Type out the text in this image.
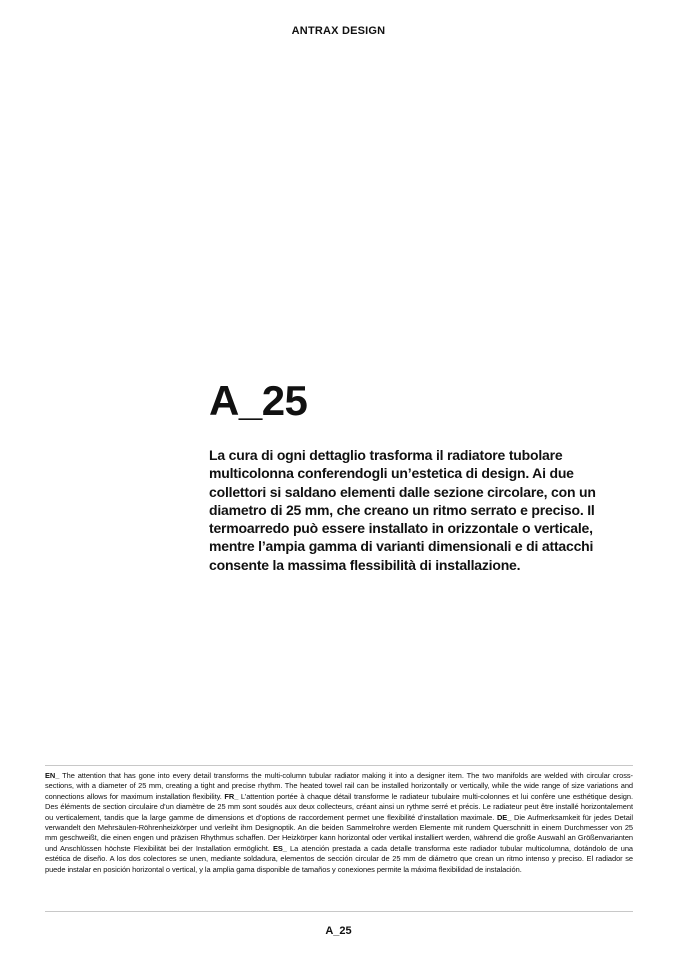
ANTRAX DESIGN
A_25

La cura di ogni dettaglio trasforma il radiatore tubolare multicolonna conferendogli un’estetica di design. Ai due collettori si saldano elementi dalle sezione circolare, con un diametro di 25 mm, che creano un ritmo serrato e preciso. Il termoarredo può essere installato in orizzontale o verticale, mentre l’ampia gamma di varianti dimensionali e di attacchi consente la massima flessibilità di installazione.

EN_ The attention that has gone into every detail transforms the multi-column tubular radiator making it into a designer item. The two manifolds are welded with circular cross-sections, with a diameter of 25 mm, creating a tight and precise rhythm. The heated towel rail can be installed horizontally or vertically, while the wide range of size variations and connections allows for maximum installation flexibility. FR_ L’attention portée à chaque détail transforme le radiateur tubulaire multi-colonnes et lui confère une esthétique design. Des éléments de section circulaire d’un diamètre de 25 mm sont soudés aux deux collecteurs, créant ainsi un rythme serré et précis. Le radiateur peut être installé horizontalement ou verticalement, tandis que la large gamme de dimensions et d’options de raccordement permet une flexibilité d’installation maximale. DE_ Die Aufmerksamkeit für jedes Detail verwandelt den Mehrsäulen-Röhrenheizkörper und verleiht ihm Designoptik. An die beiden Sammelrohre werden Elemente mit rundem Querschnitt in einem Durchmesser von 25 mm geschweißt, die einen engen und präzisen Rhythmus schaffen. Der Heizkörper kann horizontal oder vertikal installiert werden, während die große Auswahl an Größenvarianten und Anschlüssen höchste Flexibilität bei der Installation ermöglicht. ES_ La atención prestada a cada detalle transforma este radiador tubular multicolumna, dotándolo de una estética de diseño. A los dos colectores se unen, mediante soldadura, elementos de sección circular de 25 mm de diámetro que crean un ritmo intenso y preciso. El radiador se puede instalar en posición horizontal o vertical, y la amplia gama disponible de tamaños y conexiones permite la máxima flexibilidad de instalación.

A_25
